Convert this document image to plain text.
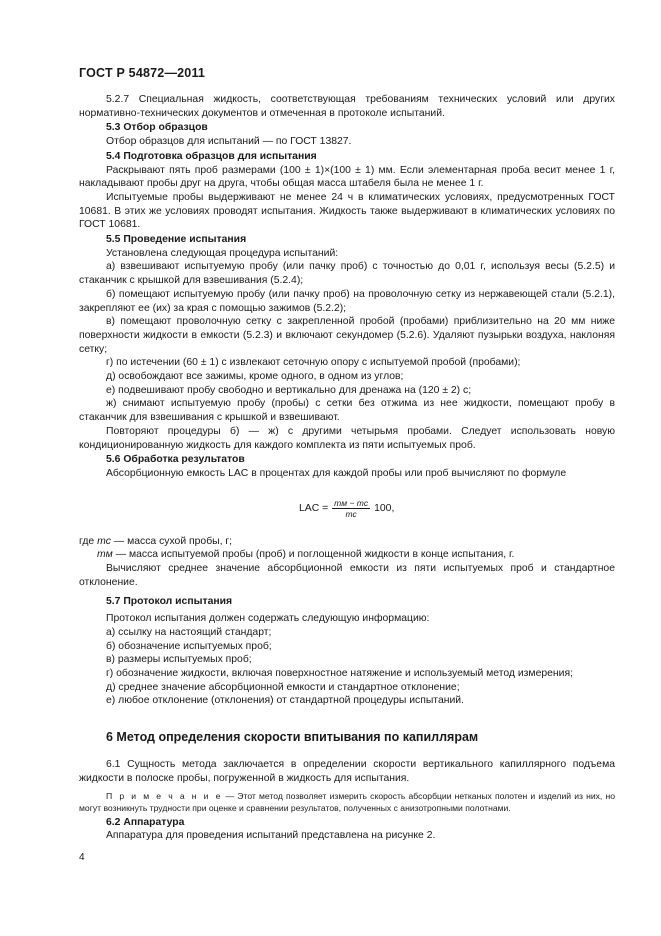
ГОСТ Р 54872—2011

5.2.7 Специальная жидкость, соответствующая требованиям технических условий или других нормативно-технических документов и отмеченная в протоколе испытаний.

5.3 Отбор образцов

Отбор образцов для испытаний — по ГОСТ 13827.

5.4 Подготовка образцов для испытания

Раскрывают пять проб размерами (100 ± 1)×(100 ± 1) мм. Если элементарная проба весит менее 1 г, накладывают пробы друг на друга, чтобы общая масса штабеля была не менее 1 г.

Испытуемые пробы выдерживают не менее 24 ч в климатических условиях, предусмотренных ГОСТ 10681. В этих же условиях проводят испытания. Жидкость также выдерживают в климатических условиях по ГОСТ 10681.

5.5 Проведение испытания

Установлена следующая процедура испытаний:

а) взвешивают испытуемую пробу (или пачку проб) с точностью до 0,01 г, используя весы (5.2.5) и стаканчик с крышкой для взвешивания (5.2.4);

б) помещают испытуемую пробу (или пачку проб) на проволочную сетку из нержавеющей стали (5.2.1), закрепляют ее (их) за края с помощью зажимов (5.2.2);

в) помещают проволочную сетку с закрепленной пробой (пробами) приблизительно на 20 мм ниже поверхности жидкости в емкости (5.2.3) и включают секундомер (5.2.6). Удаляют пузырьки воздуха, наклоняя сетку;

г) по истечении (60 ± 1) с извлекают сеточную опору с испытуемой пробой (пробами);

д) освобождают все зажимы, кроме одного, в одном из углов;

е) подвешивают пробу свободно и вертикально для дренажа на (120 ± 2) с;

ж) снимают испытуемую пробу (пробы) с сетки без отжима из нее жидкости, помещают пробу в стаканчик для взвешивания с крышкой и взвешивают.

Повторяют процедуры б) — ж) с другими четырьмя пробами. Следует использовать новую кондиционированную жидкость для каждого комплекта из пяти испытуемых проб.

5.6 Обработка результатов

Абсорбционную емкость LAC в процентах для каждой пробы или проб вычисляют по формуле

LAC = $\frac{mм - mс}{mс} 100$,

где mс — масса сухой пробы, г;

mм — масса испытуемой пробы (проб) и поглощенной жидкости в конце испытания, г.

Вычисляют среднее значение абсорбционной емкости из пяти испытуемых проб и стандартное отклонение.

5.7 Протокол испытания

Протокол испытания должен содержать следующую информацию:

а) ссылку на настоящий стандарт;

б) обозначение испытуемых проб;

в) размеры испытуемых проб;

г) обозначение жидкости, включая поверхностное натяжение и используемый метод измерения;

д) среднее значение абсорбционной емкости и стандартное отклонение;

е) любое отклонение (отклонения) от стандартной процедуры испытаний.

6 Метод определения скорости впитывания по капиллярам

6.1 Сущность метода заключается в определении скорости вертикального капиллярного подъема жидкости в полоске пробы, погруженной в жидкость для испытания.

П р и м е ч а н и е — Этот метод позволяет измерить скорость абсорбции нетканых полотен и изделий из них, но могут возникнуть трудности при оценке и сравнении результатов, полученных с анизотропными полотнами.

6.2 Аппаратура

Аппаратура для проведения испытаний представлена на рисунке 2.

4
